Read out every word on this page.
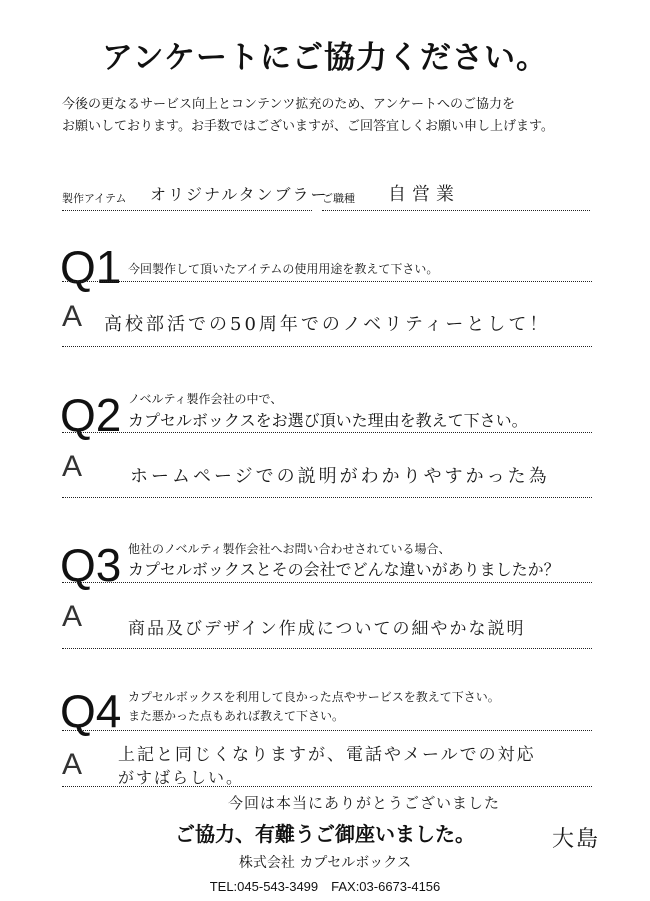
アンケートにご協力ください。
今後の更なるサービス向上とコンテンツ拡充のため、アンケートへのご協力を
お願いしております。お手数ではございますが、ご回答宜しくお願い申し上げます。
製作アイテム オリジナルタンブラー
ご職種 自営業
Q1 今回製作して頂いたアイテムの使用用途を教えて下さい。
A 高校部活での50周年でのノベリティーとして！
Q2 ノベルティ製作会社の中で、
カプセルボックスをお選び頂いた理由を教えて下さい。
A	ホームページでの説明がわかりやすかった為
Q3 他社のノベルティ製作会社へお問い合わせされている場合、
カプセルボックスとその会社でどんな違いがありましたか？
A	商品及びデザイン作成についての細やかな説明
Q4 カプセルボックスを利用して良かった点やサービスを教えて下さい。
また悪かった点もあれば教えて下さい。
A 上記と同じくなりますが、電話やメールでの対応
がすばらしい。
今回は本当にありがとうございました
大島
ご協力、有難うご御座いました。
株式会社 カプセルボックス
TEL:045-543-3499　FAX:03-6673-4156
